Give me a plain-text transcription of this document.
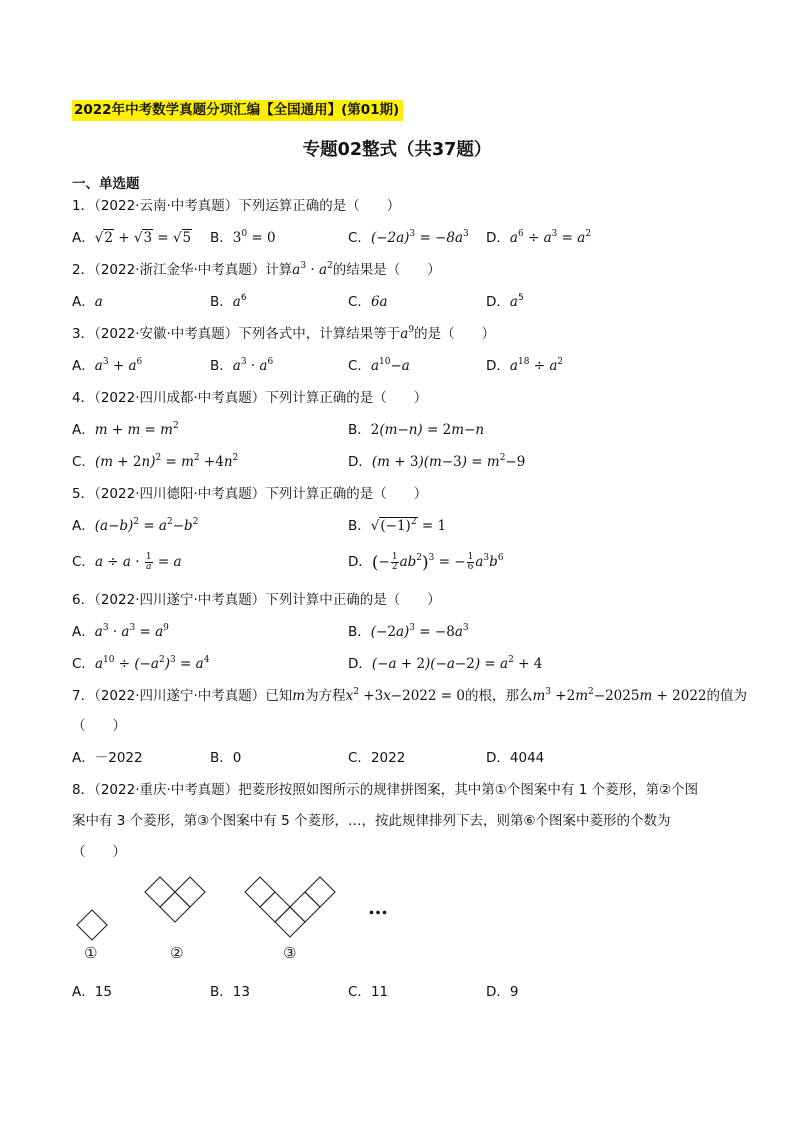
2022年中考数学真题分项汇编【全国通用】(第01期)
专题02整式（共37题）
一、单选题
1．（2022·云南·中考真题）下列运算正确的是（　　）
A．√2 + √3 = √5 B．$3^0 = 0$	C．$(-2a)^3 = -8a^3$ D．$a^6 \div a^3 = a^2$
2．（2022·浙江金华·中考真题）计算$a^3 \cdot a^2$的结果是（　　）
A．a	B．$a^6$	C．6a	D．$a^5$
3．（2022·安徽·中考真题）下列各式中，计算结果等于$a^9$的是（　　）
A．$a^3 + a^6$	B．$a^3 \cdot a^6$	C．$a^{10}-a$	D．$a^{18} \div a^2$
4．（2022·四川成都·中考真题）下列计算正确的是（　　）
A．$m + m = m^2$	B．2(m−n) = 2m−n
C．$(m + 2n)^2 = m^2 +4n^2$	D．$(m + 3)(m-3) = m^2-9$
5．（2022·四川德阳·中考真题）下列计算正确的是（　　）
A．$(a-b)^2 = a^2-b^2$	B．$√(-1)^2 = 1$
C．$a \div a \cdot \frac{1}{a} = a$	D．(− $\frac{1}{2} ab^2)^3$ = − $\frac{1}{6} a^3b^6$
6．（2022·四川遂宁·中考真题）下列计算中正确的是（　　）
A．$a^3 \cdot a^3 = a^9$	B．$(-2a)^3 = -8a^3$
C．$a^{10} \div (-a^2)^3 = a^4$	D．$(-a + 2)(-a-2) = a^2 + 4$
7．（2022·四川遂宁·中考真题）已知m为方程$x^2 +3x-2022 = 0$的根，那么$m^3 +2m^2-2025m + 2022$的值为
（　　）
A．－2022	B．0	C．2022	D．4044
8．（2022·重庆·中考真题）把菱形按照如图所示的规律拼图案，其中第①个图案中有 1 个菱形，第②个图
案中有 3 个菱形，第③个图案中有 5 个菱形，…，按此规律排列下去，则第⑥个图案中菱形的个数为
（　　）
…
①	②	③
A．15	B．13	C．11	D．9
